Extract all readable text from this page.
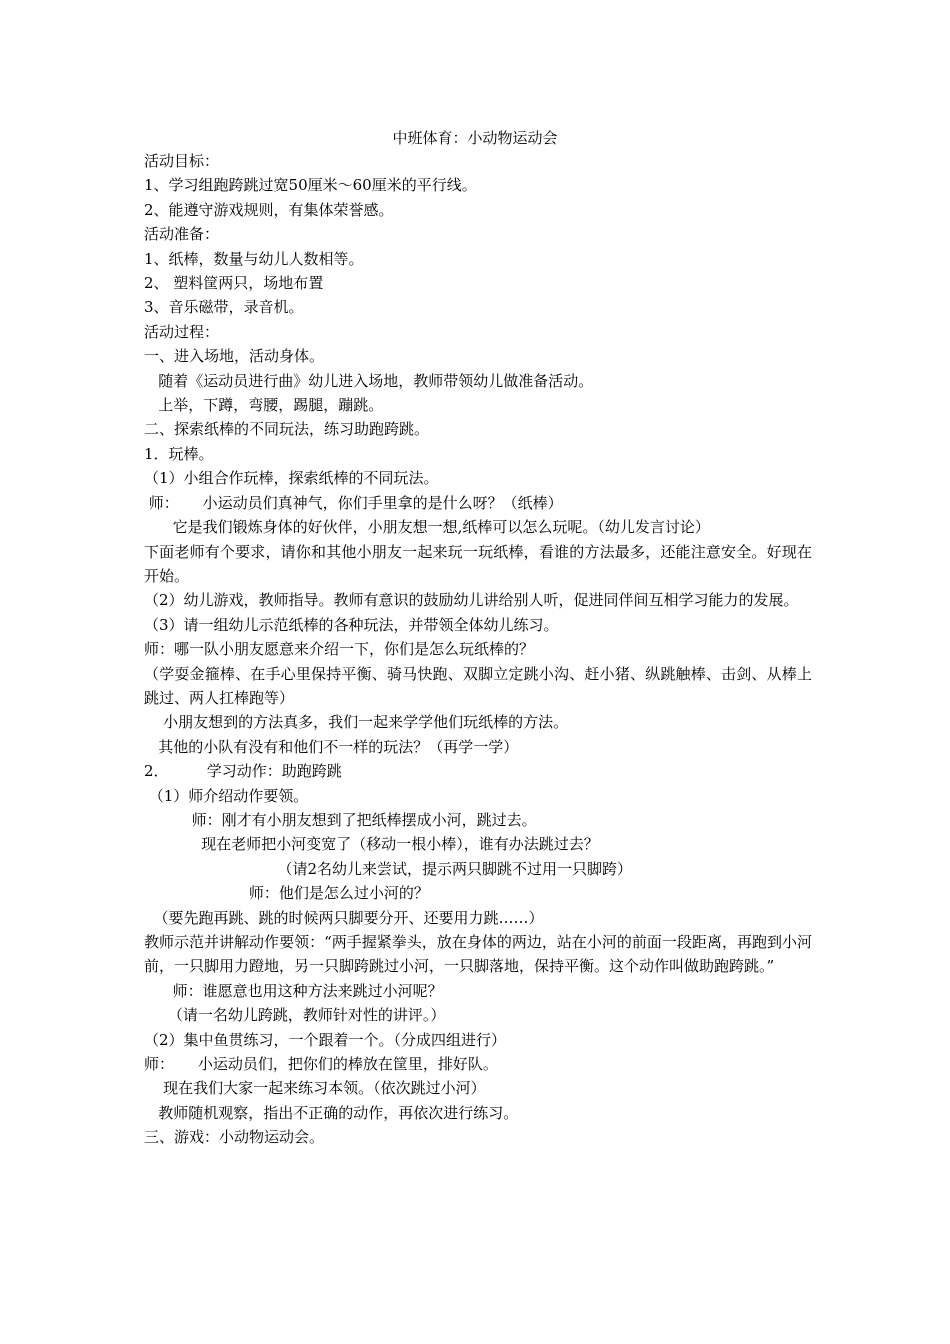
中班体育：小动物运动会

活动目标：

1、学习组跑跨跳过宽50厘米～60厘米的平行线。

2、能遵守游戏规则，有集体荣誉感。

活动准备：

1、纸棒，数量与幼儿人数相等。

2、 塑料筐两只，场地布置

3、音乐磁带，录音机。

活动过程：

一、进入场地，活动身体。

随着《运动员进行曲》幼儿进入场地，教师带领幼儿做准备活动。

上举，下蹲，弯腰，踢腿，蹦跳。

二、探索纸棒的不同玩法，练习助跑跨跳。

1．玩棒。

（1）小组合作玩棒，探索纸棒的不同玩法。

师：     小运动员们真神气，你们手里拿的是什么呀？（纸棒）

它是我们锻炼身体的好伙伴，小朋友想一想,纸棒可以怎么玩呢。（幼儿发言讨论）

下面老师有个要求，请你和其他小朋友一起来玩一玩纸棒，看谁的方法最多，还能注意安全。好现在开始。

（2）幼儿游戏，教师指导。教师有意识的鼓励幼儿讲给别人听，促进同伴间互相学习能力的发展。

（3）请一组幼儿示范纸棒的各种玩法，并带领全体幼儿练习。

师：哪一队小朋友愿意来介绍一下，你们是怎么玩纸棒的？

（学耍金箍棒、在手心里保持平衡、骑马快跑、双脚立定跳小沟、赶小猪、纵跳触棒、击剑、从棒上跳过、两人扛棒跑等）

小朋友想到的方法真多，我们一起来学学他们玩纸棒的方法。

其他的小队有没有和他们不一样的玩法？（再学一学）

2．        学习动作：助跑跨跳

（1）师介绍动作要领。

师：刚才有小朋友想到了把纸棒摆成小河，跳过去。

现在老师把小河变宽了（移动一根小棒），谁有办法跳过去？

（请2名幼儿来尝试，提示两只脚跳不过用一只脚跨）

师：他们是怎么过小河的？

（要先跑再跳、跳的时候两只脚要分开、还要用力跳……）

教师示范并讲解动作要领：“两手握紧拳头，放在身体的两边，站在小河的前面一段距离，再跑到小河前，一只脚用力蹬地，另一只脚跨跳过小河，一只脚落地，保持平衡。这个动作叫做助跑跨跳。”

师：谁愿意也用这种方法来跳过小河呢？

（请一名幼儿跨跳，教师针对性的讲评。）

（2）集中鱼贯练习，一个跟着一个。（分成四组进行）

师：     小运动员们，把你们的棒放在筐里，排好队。

现在我们大家一起来练习本领。（依次跳过小河）

教师随机观察，指出不正确的动作，再依次进行练习。

三、游戏：小动物运动会。
